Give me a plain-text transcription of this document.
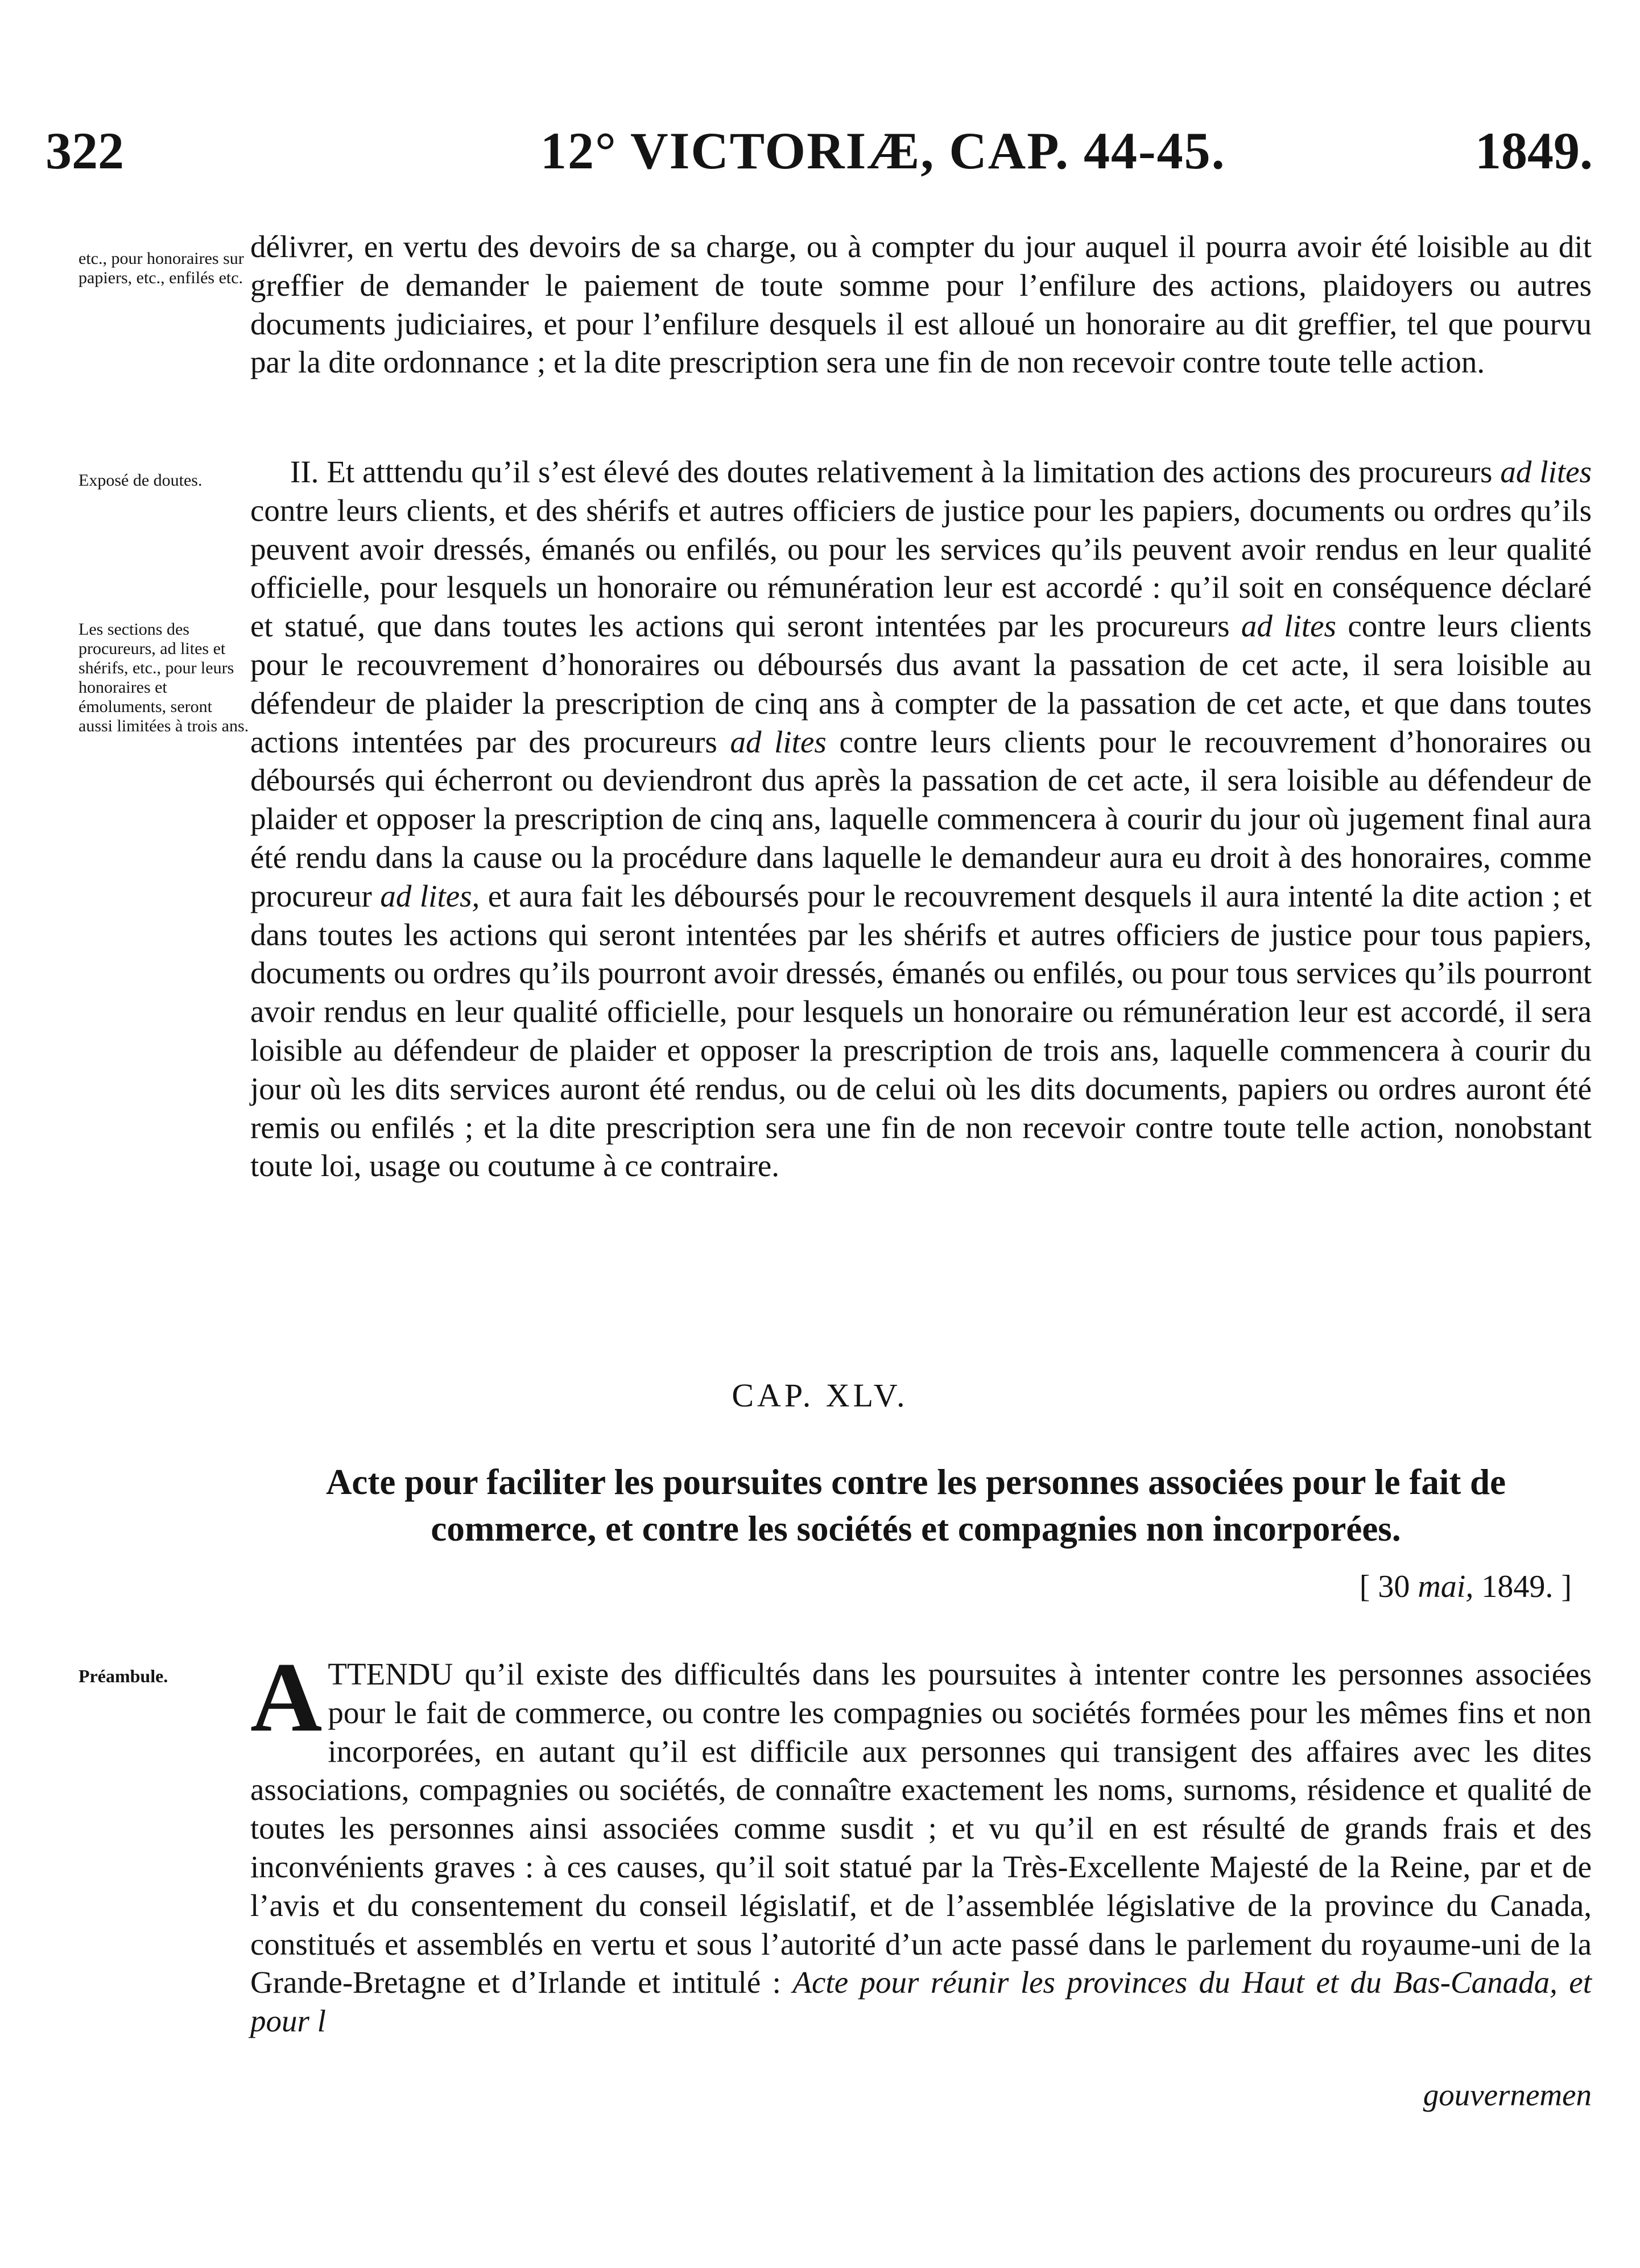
322	12° VICTORIÆ, CAP. 44-45.	1849.
etc., pour honoraires sur papiers, etc., enfilés etc.
Exposé de doutes.
Les sections des procureurs, ad lites et shérifs, etc., pour leurs honoraires et émoluments, seront aussi limitées à trois ans.
Préambule.

délivrer, en vertu des devoirs de sa charge, ou à compter du jour auquel il pourra avoir été loisible au dit greffier de demander le paiement de toute somme pour l’enfilure des actions, plaidoyers ou autres documents judiciaires, et pour l’enfilure desquels il est alloué un honoraire au dit greffier, tel que pourvu par la dite ordonnance ; et la dite prescription sera une fin de non recevoir contre toute telle action.

II. Et atttendu qu’il s’est élevé des doutes relativement à la limitation des actions des procureurs ad lites contre leurs clients, et des shérifs et autres officiers de justice pour les papiers, documents ou ordres qu’ils peuvent avoir dressés, émanés ou enfilés, ou pour les services qu’ils peuvent avoir rendus en leur qualité officielle, pour lesquels un honoraire ou rémunération leur est accordé : qu’il soit en conséquence déclaré et statué, que dans toutes les actions qui seront intentées par les procureurs ad lites contre leurs clients pour le recouvrement d’honoraires ou déboursés dus avant la passation de cet acte, il sera loisible au défendeur de plaider la prescription de cinq ans à compter de la passation de cet acte, et que dans toutes actions intentées par des procureurs ad lites contre leurs clients pour le recouvrement d’honoraires ou déboursés qui écherront ou deviendront dus après la passation de cet acte, il sera loisible au défendeur de plaider et opposer la prescription de cinq ans, laquelle commencera à courir du jour où jugement final aura été rendu dans la cause ou la procédure dans laquelle le demandeur aura eu droit à des honoraires, comme procureur ad lites, et aura fait les déboursés pour le recouvrement desquels il aura intenté la dite action ; et dans toutes les actions qui seront intentées par les shérifs et autres officiers de justice pour tous papiers, documents ou ordres qu’ils pourront avoir dressés, émanés ou enfilés, ou pour tous services qu’ils pourront avoir rendus en leur qualité officielle, pour lesquels un honoraire ou rémunération leur est accordé, il sera loisible au défendeur de plaider et opposer la prescription de trois ans, laquelle commencera à courir du jour où les dits services auront été rendus, ou de celui où les dits documents, papiers ou ordres auront été remis ou enfilés ; et la dite prescription sera une fin de non recevoir contre toute telle action, nonobstant toute loi, usage ou coutume à ce contraire.

CAP. XLV.
Acte pour faciliter les poursuites contre les personnes associées pour le fait de commerce, et contre les sociétés et compagnies non incorporées.
[ 30 mai, 1849. ]

ATTENDU qu’il existe des difficultés dans les poursuites à intenter contre les personnes associées pour le fait de commerce, ou contre les compagnies ou sociétés formées pour les mêmes fins et non incorporées, en autant qu’il est difficile aux personnes qui transigent des affaires avec les dites associations, compagnies ou sociétés, de connaître exactement les noms, surnoms, résidence et qualité de toutes les personnes ainsi associées comme susdit ; et vu qu’il en est résulté de grands frais et des inconvénients graves : à ces causes, qu’il soit statué par la Très-Excellente Majesté de la Reine, par et de l’avis et du consentement du conseil législatif, et de l’assemblée législative de la province du Canada, constitués et assemblés en vertu et sous l’autorité d’un acte passé dans le parlement du royaume-uni de la Grande-Bretagne et d’Irlande et intitulé : Acte pour réunir les provinces du Haut et du Bas-Canada, et pour l

gouvernemen
